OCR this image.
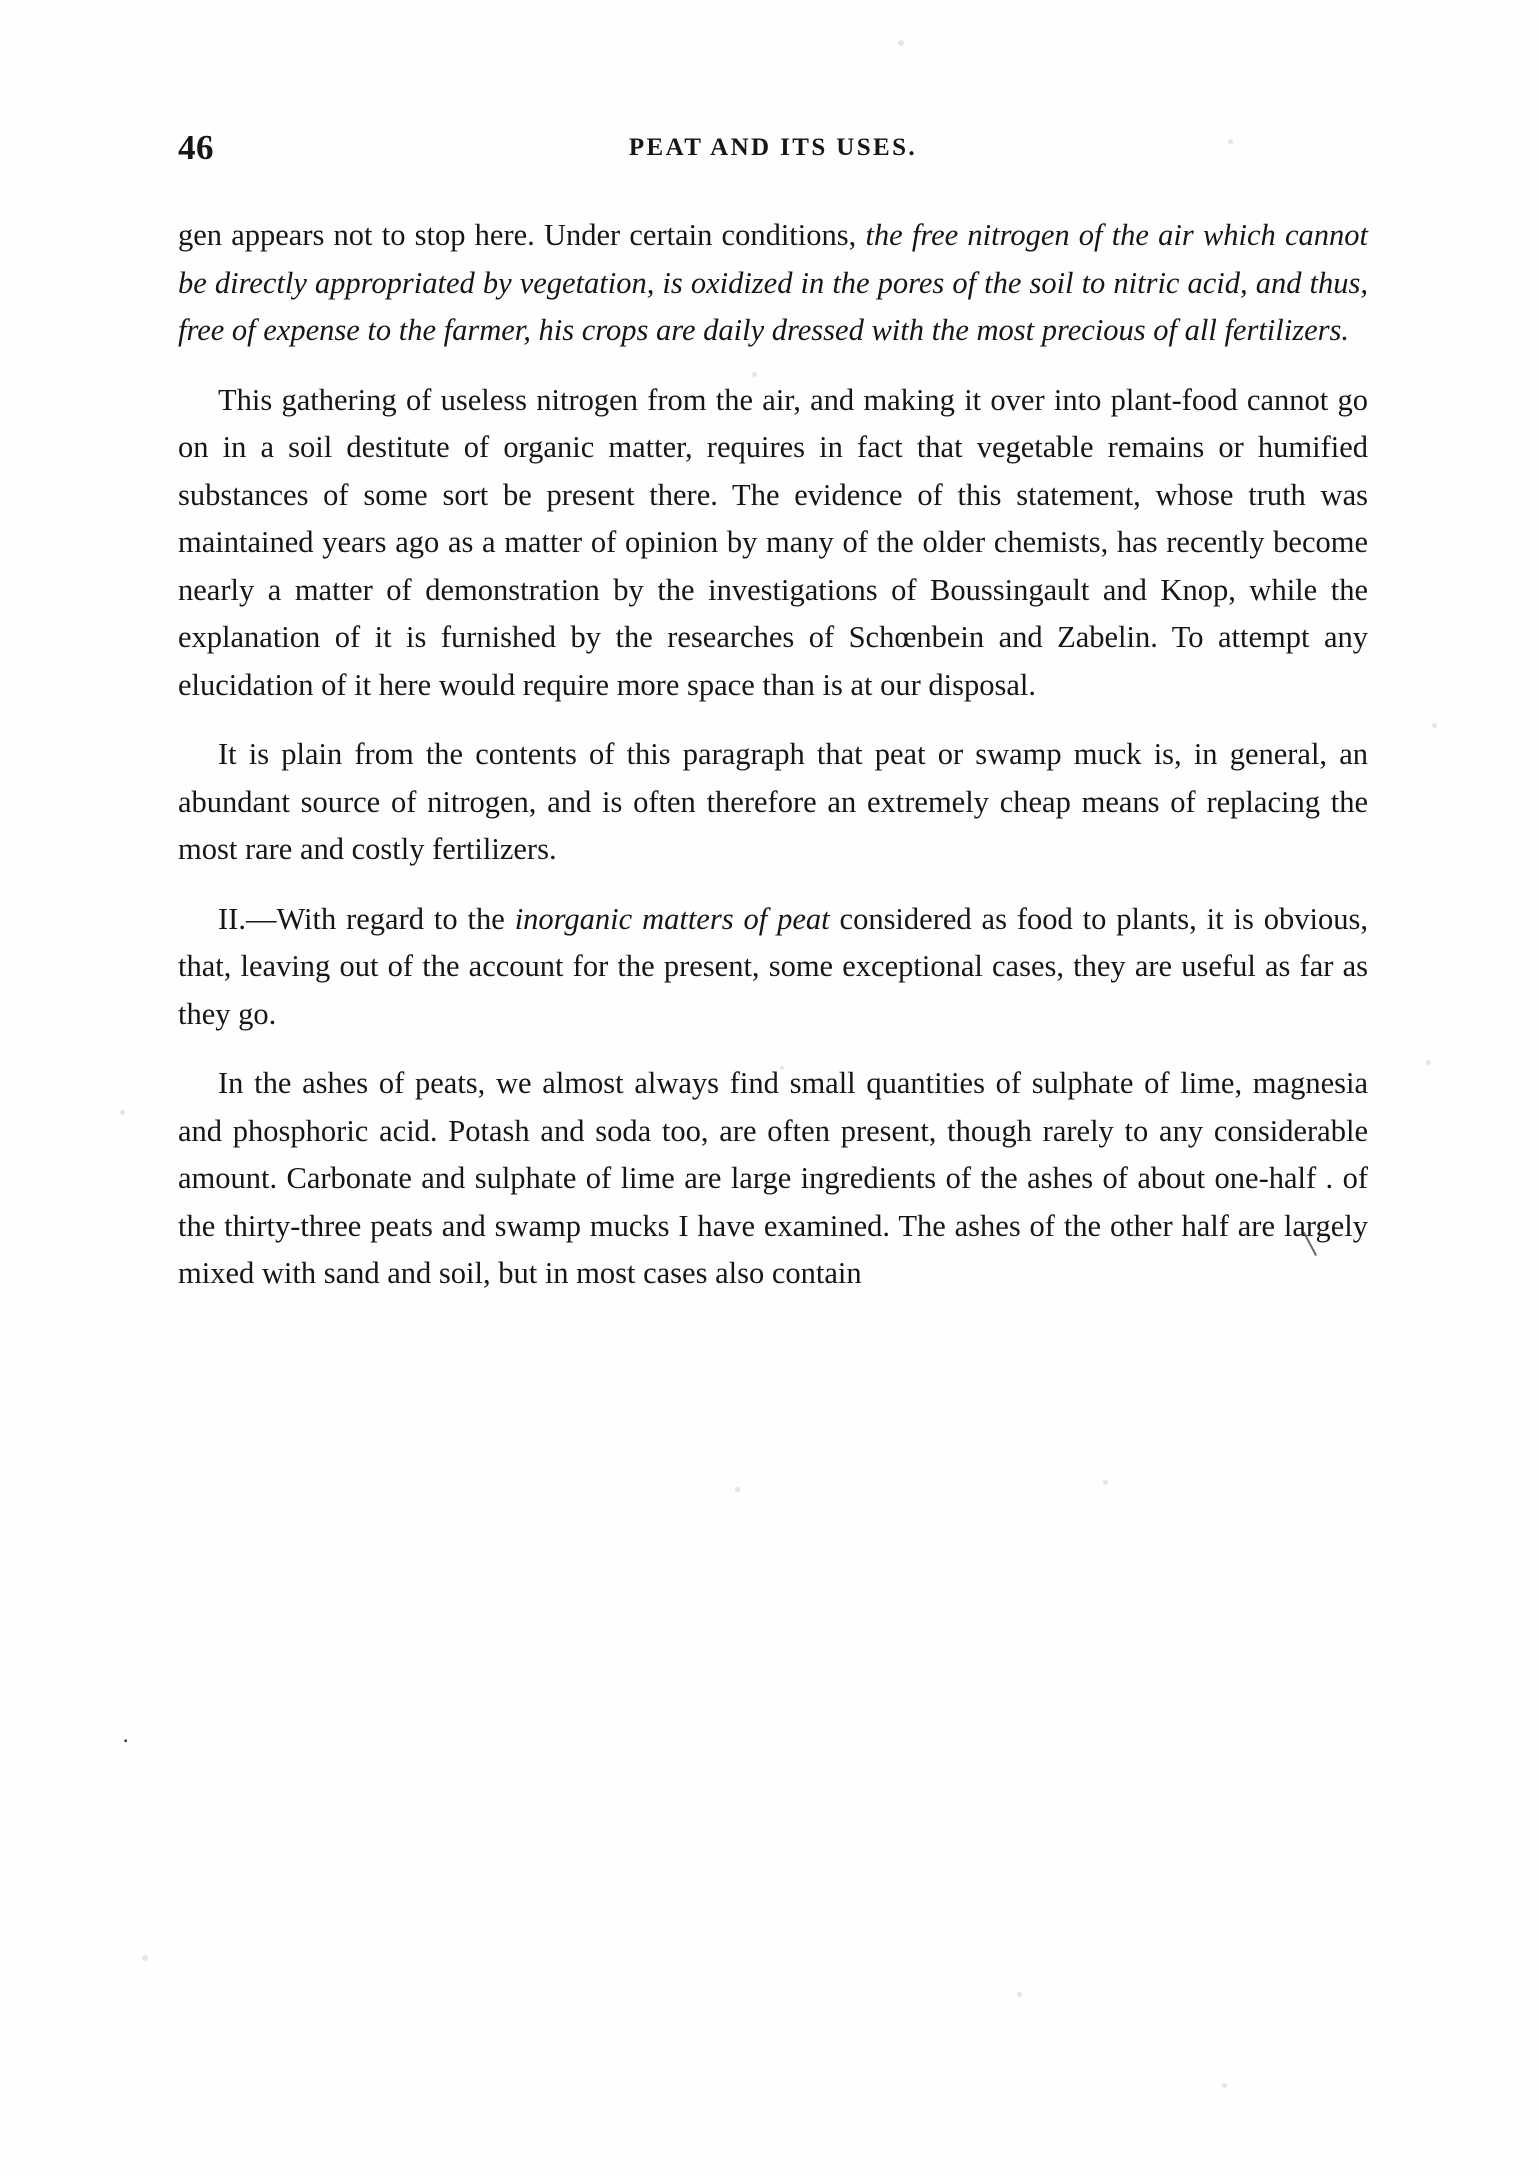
46	PEAT AND ITS USES.
․

gen appears not to stop here. Under certain conditions, the free nitrogen of the air which cannot be directly appropriated by vegetation, is oxidized in the pores of the soil to nitric acid, and thus, free of expense to the farmer, his crops are daily dressed with the most precious of all fertilizers.

This gathering of useless nitrogen from the air, and making it over into plant-food cannot go on in a soil destitute of organic matter, requires in fact that vegetable remains or humified substances of some sort be present there. The evidence of this statement, whose truth was maintained years ago as a matter of opinion by many of the older chemists, has recently become nearly a matter of demonstration by the investigations of Boussingault and Knop, while the explanation of it is furnished by the researches of Schœnbein and Zabelin. To attempt any elucidation of it here would require more space than is at our disposal.

It is plain from the contents of this paragraph that peat or swamp muck is, in general, an abundant source of nitrogen, and is often therefore an extremely cheap means of replacing the most rare and costly fertilizers.

II.—With regard to the inorganic matters of peat considered as food to plants, it is obvious, that, leaving out of the account for the present, some exceptional cases, they are useful as far as they go.

In the ashes of peats, we almost always find small quantities of sulphate of lime, magnesia and phosphoric acid. Potash and soda too, are often present, though rarely to any considerable amount. Carbonate and sulphate of lime are large ingredients of the ashes of about one-half . of the thirty-three peats and swamp mucks I have examined. The ashes of the other half are largely mixed with sand and soil, but in most cases also contain
